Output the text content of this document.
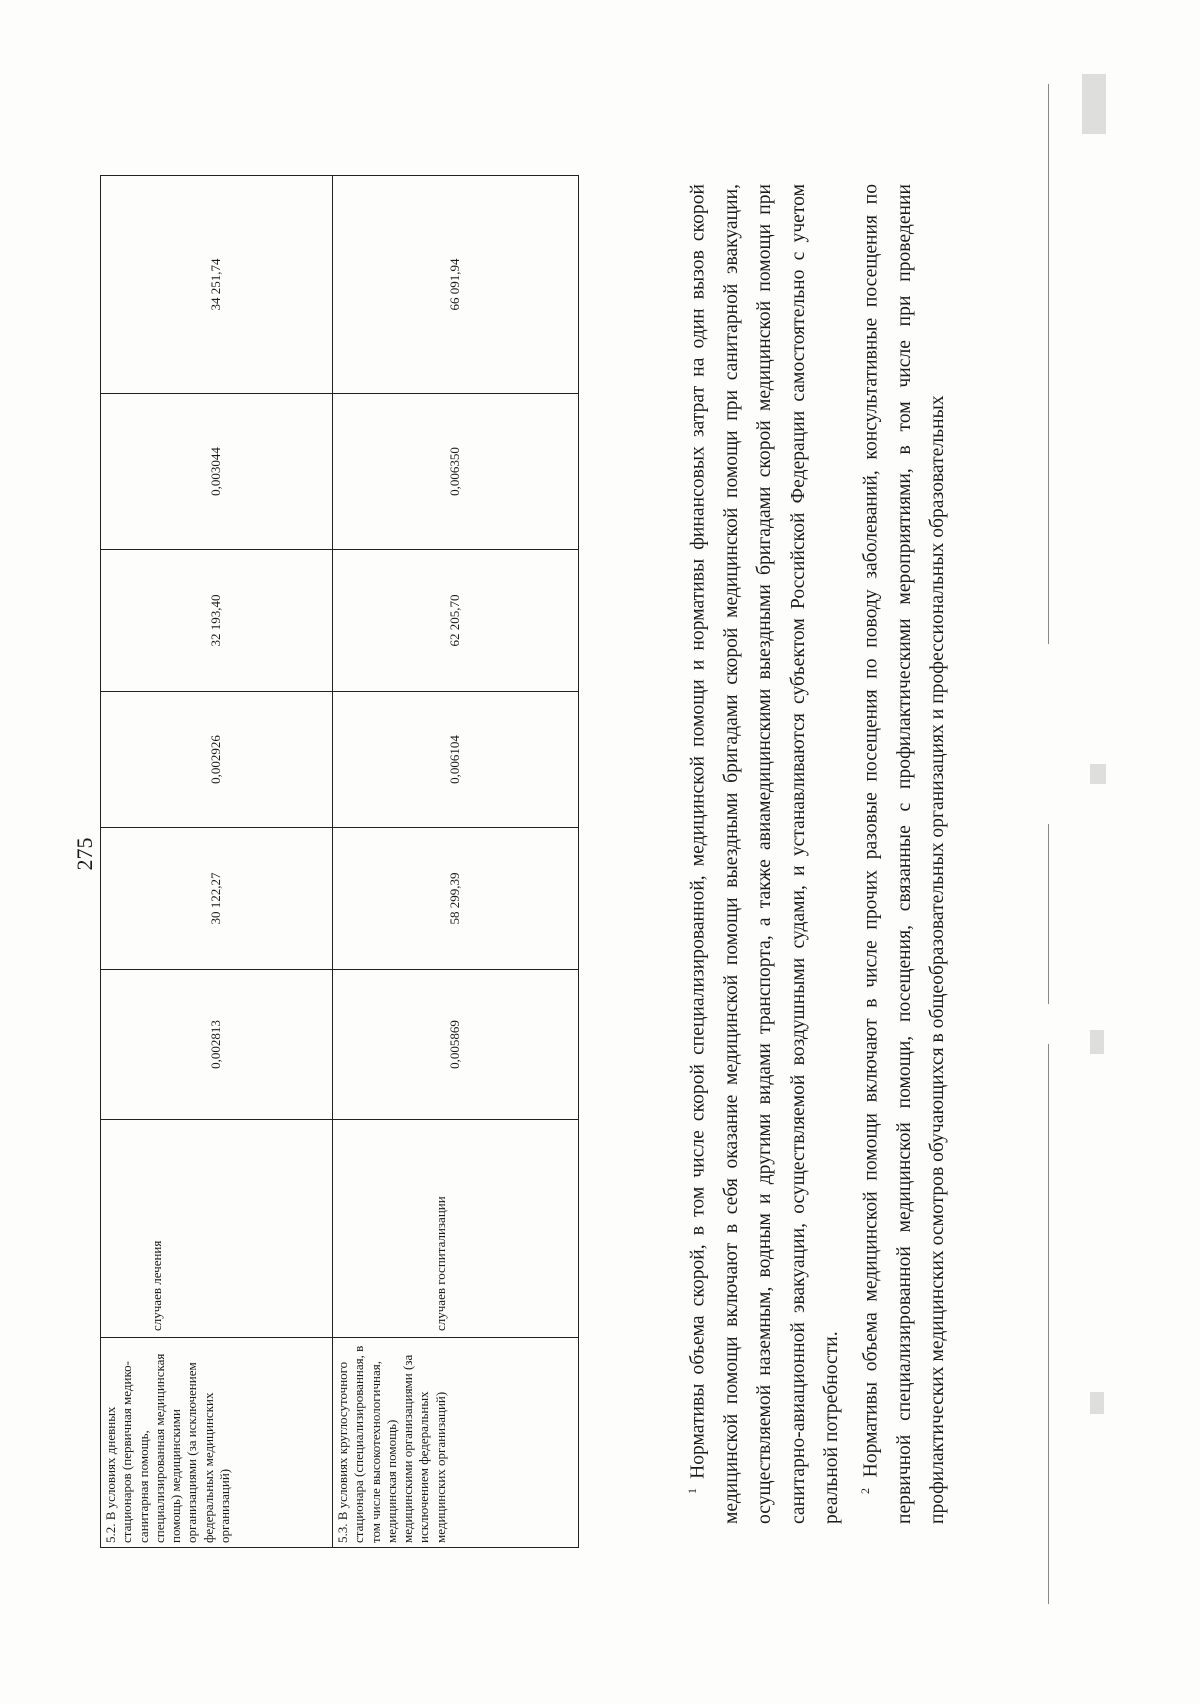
275
5.2. В условиях дневных стационаров (первичная медико-санитарная помощь, специализированная медицинская помощь) медицинскими организациями (за исключением федеральных медицинских организаций)	случаев лечения	0,002813	30 122,27	0,002926	32 193,40	0,003044	34 251,74
5.3. В условиях круглосуточного стационара (специализированная, в том числе высокотехнологичная, медицинская помощь) медицинскими организациями (за исключением федеральных медицинских организаций)	случаев госпитализации	0,005869	58 299,39	0,006104	62 205,70	0,006350	66 091,94

$^1$ Нормативы объема скорой, в том числе скорой специализированной, медицинской помощи и нормативы финансовых затрат на один вызов скорой медицинской помощи включают в себя оказание медицинской помощи выездными бригадами скорой медицинской помощи при санитарной эвакуации, осуществляемой наземным, водным и другими видами транспорта, а также авиамедицинскими выездными бригадами скорой медицинской помощи при санитарно-авиационной эвакуации, осуществляемой воздушными судами, и устанавливаются субъектом Российской Федерации самостоятельно с учетом реальной потребности.	$^2$ Нормативы объема медицинской помощи включают в числе прочих разовые посещения по поводу заболеваний, консультативные посещения по первичной специализированной медицинской помощи, посещения, связанные с профилактическими мероприятиями, в том числе при проведении профилактических медицинских осмотров обучающихся в общеобразовательных организациях и профессиональных образовательных
